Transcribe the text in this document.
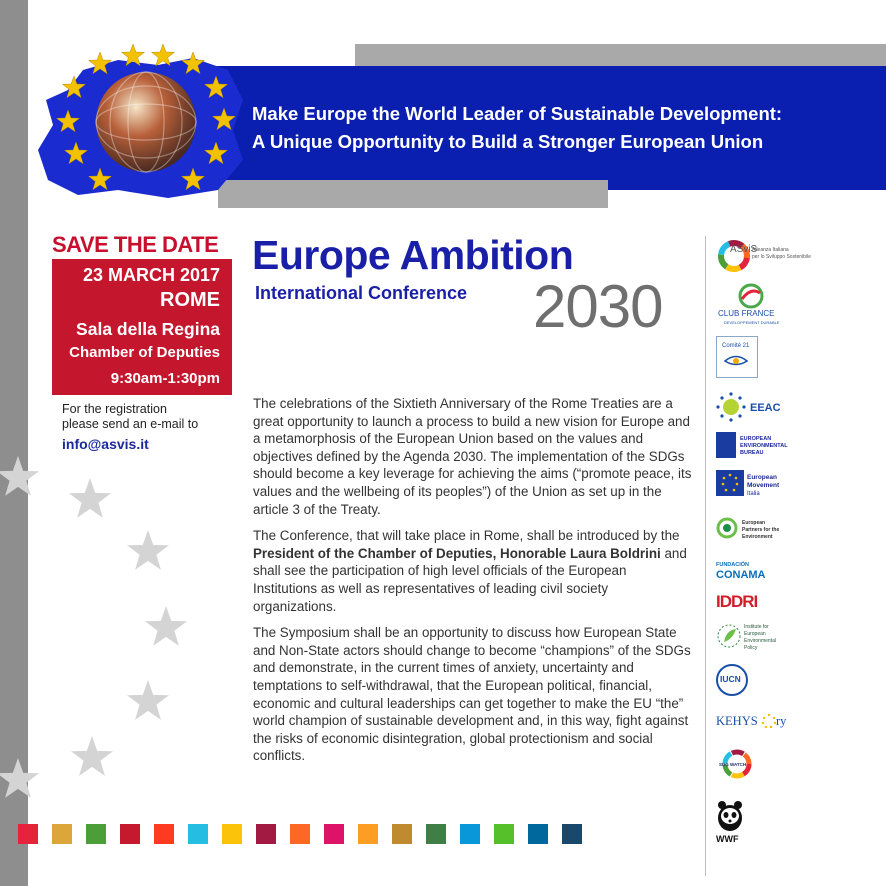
Make Europe the World Leader of Sustainable Development:
A Unique Opportunity to Build a Stronger European Union
SAVE THE DATE
23 MARCH 2017
ROME
Sala della Regina
Chamber of Deputies
9:30am-1:30pm
For the registration
please send an e-mail to
info@asvis.it
Europe Ambition
International Conference 2030

The celebrations of the Sixtieth Anniversary of the Rome Treaties are a great opportunity to launch a process to build a new vision for Europe and a metamorphosis of the European Union based on the values and objectives defined by the Agenda 2030. The implementation of the SDGs should become a key leverage for achieving the aims (“promote peace, its values and the wellbeing of its peoples”) of the Union as set up in the article 3 of the Treaty.

The Conference, that will take place in Rome, shall be introduced by the President of the Chamber of Deputies, Honorable Laura Boldrini and shall see the participation of high level officials of the European Institutions as well as representatives of leading civil society organizations.

The Symposium shall be an opportunity to discuss how European State and Non-State actors should change to become “champions” of the SDGs and demonstrate, in the current times of anxiety, uncertainty and temptations to self-withdrawal, that the European political, financial, economic and cultural leaderships can get together to make the EU “the” world champion of sustainable development and, in this way, fight against the risks of economic disintegration, global protectionism and social conflicts.

ASviS
Alleanza Italiana
per lo Sviluppo Sostenibile
CLUB FRANCE
DEVELOPPEMENT DURABLE
Comité 21
EEAC
EUROPEAN
ENVIRONMENTAL
BUREAU
European
Movement
Italia
European
Partners for the
Environment
FUNDACIÓN
CONAMA
IDDRI
Institute for
European
Environmental
Policy
IUCN
KEHYS ry
SDG WATCH
WWF
